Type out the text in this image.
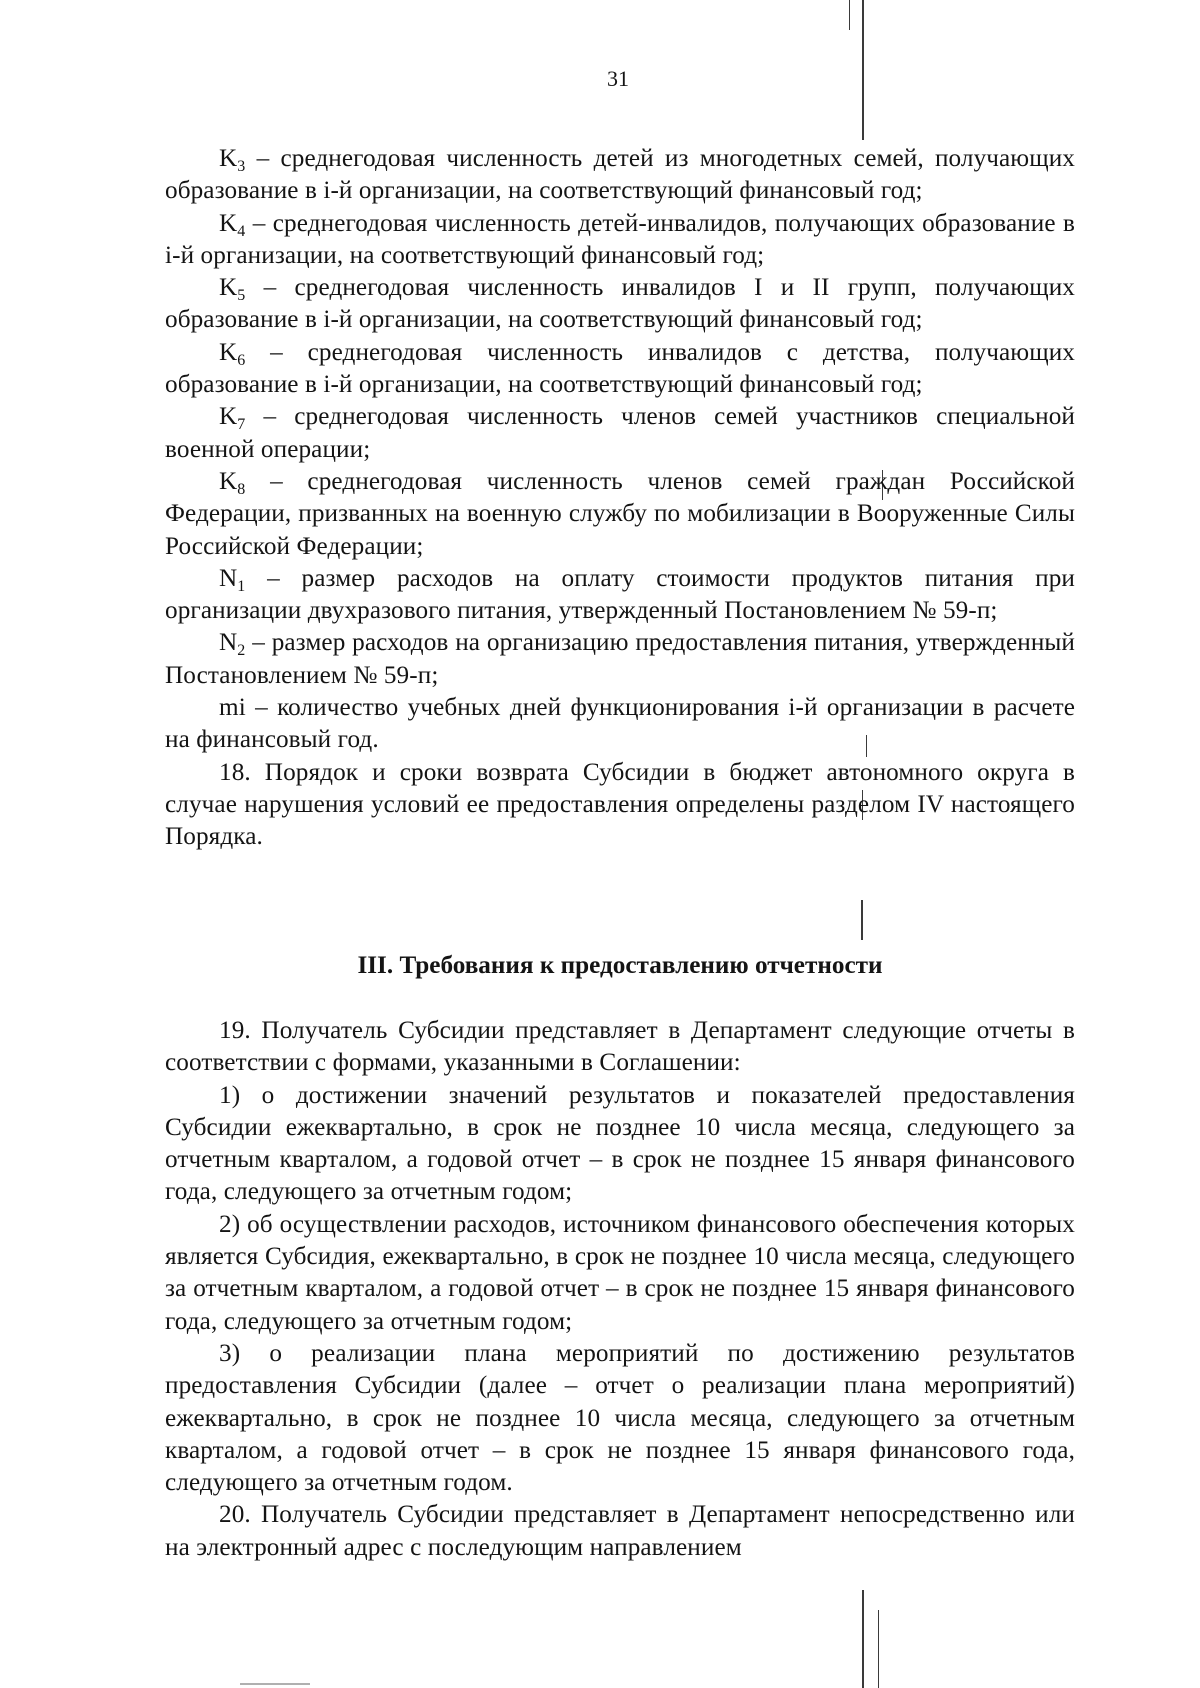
31

$K_3$ – среднегодовая численность детей из многодетных семей, получающих образование в i-й организации, на соответствующий финансовый год;

$K_4$ – среднегодовая численность детей-инвалидов, получающих образование в i-й организации, на соответствующий финансовый год;

$K_5$ – среднегодовая численность инвалидов I и II групп, получающих образование в i-й организации, на соответствующий финансовый год;

$K_6$ – среднегодовая численность инвалидов с детства, получающих образование в i-й организации, на соответствующий финансовый год;

$K_7$ – среднегодовая численность членов семей участников специальной военной операции;

$K_8$ – среднегодовая численность членов семей граждан Российской Федерации, призванных на военную службу по мобилизации в Вооруженные Силы Российской Федерации;

$N_1$ – размер расходов на оплату стоимости продуктов питания при организации двухразового питания, утвержденный Постановлением № 59-п;

$N_2$ – размер расходов на организацию предоставления питания, утвержденный Постановлением № 59-п;

mi – количество учебных дней функционирования i-й организации в расчете на финансовый год.

18. Порядок и сроки возврата Субсидии в бюджет автономного округа в случае нарушения условий ее предоставления определены разделом IV настоящего Порядка.

III. Требования к предоставлению отчетности

19. Получатель Субсидии представляет в Департамент следующие отчеты в соответствии с формами, указанными в Соглашении:

1) о достижении значений результатов и показателей предоставления Субсидии ежеквартально, в срок не позднее 10 числа месяца, следующего за отчетным кварталом, а годовой отчет – в срок не позднее 15 января финансового года, следующего за отчетным годом;

2) об осуществлении расходов, источником финансового обеспечения которых является Субсидия, ежеквартально, в срок не позднее 10 числа месяца, следующего за отчетным кварталом, а годовой отчет – в срок не позднее 15 января финансового года, следующего за отчетным годом;

3) о реализации плана мероприятий по достижению результатов предоставления Субсидии (далее – отчет о реализации плана мероприятий) ежеквартально, в срок не позднее 10 числа месяца, следующего за отчетным кварталом, а годовой отчет – в срок не позднее 15 января финансового года, следующего за отчетным годом.

20. Получатель Субсидии представляет в Департамент непосредственно или на электронный адрес с последующим направлением
